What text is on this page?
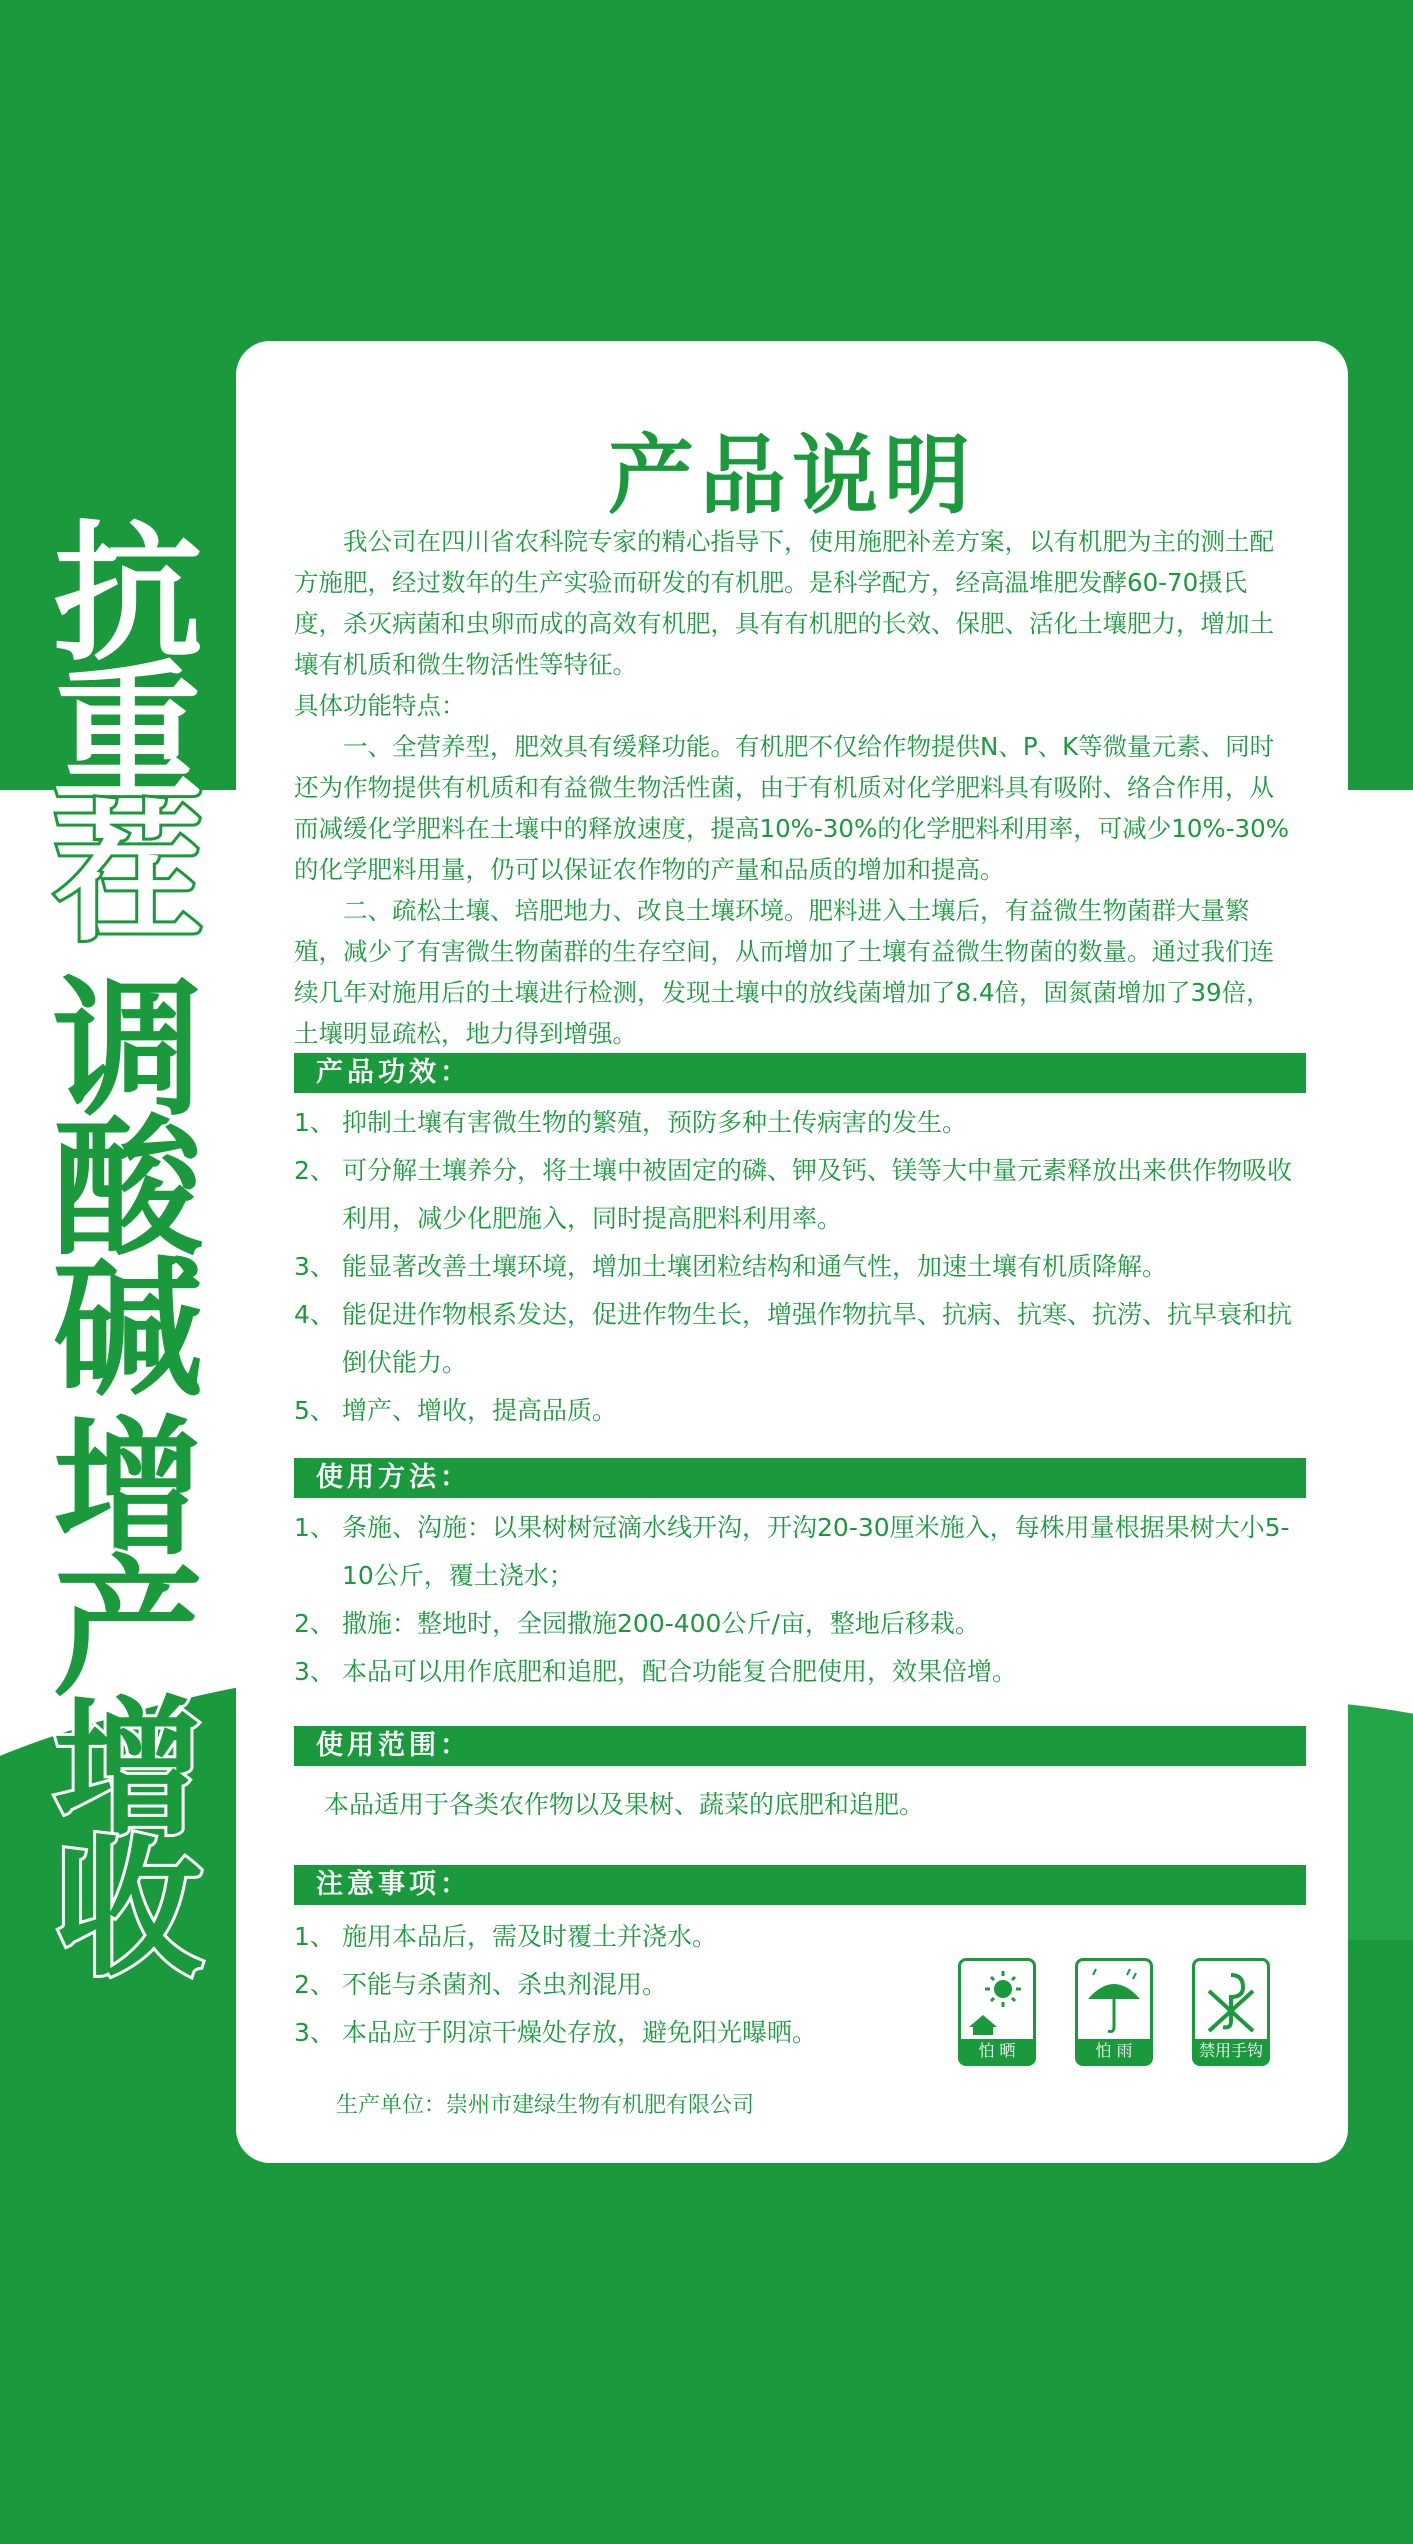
抗
重
茬
调
酸
碱
增
产
增
收
产品说明

我公司在四川省农科院专家的精心指导下，使用施肥补差方案，以有机肥为主的测土配方施肥，经过数年的生产实验而研发的有机肥。是科学配方，经高温堆肥发酵60-70摄氏度，杀灭病菌和虫卵而成的高效有机肥，具有有机肥的长效、保肥、活化土壤肥力，增加土壤有机质和微生物活性等特征。

具体功能特点：

一、全营养型，肥效具有缓释功能。有机肥不仅给作物提供N、P、K等微量元素、同时还为作物提供有机质和有益微生物活性菌，由于有机质对化学肥料具有吸附、络合作用，从而减缓化学肥料在土壤中的释放速度，提高10%-30%的化学肥料利用率，可减少10%-30%的化学肥料用量，仍可以保证农作物的产量和品质的增加和提高。

二、疏松土壤、培肥地力、改良土壤环境。肥料进入土壤后，有益微生物菌群大量繁殖，减少了有害微生物菌群的生存空间，从而增加了土壤有益微生物菌的数量。通过我们连续几年对施用后的土壤进行检测，发现土壤中的放线菌增加了8.4倍，固氮菌增加了39倍，土壤明显疏松，地力得到增强。

产品功效：
1、 抑制土壤有害微生物的繁殖，预防多种土传病害的发生。
2、 可分解土壤养分，将土壤中被固定的磷、钾及钙、镁等大中量元素释放出来供作物吸收利用，减少化肥施入，同时提高肥料利用率。
3、 能显著改善土壤环境，增加土壤团粒结构和通气性，加速土壤有机质降解。
4、 能促进作物根系发达，促进作物生长，增强作物抗旱、抗病、抗寒、抗涝、抗早衰和抗倒伏能力。
5、 增产、增收，提高品质。
使用方法：
1、 条施、沟施：以果树树冠滴水线开沟，开沟20-30厘米施入，每株用量根据果树大小5-10公斤，覆土浇水；
2、 撒施：整地时，全园撒施200-400公斤/亩，整地后移栽。
3、 本品可以用作底肥和追肥，配合功能复合肥使用，效果倍增。
使用范围：
本品适用于各类农作物以及果树、蔬菜的底肥和追肥。
注意事项：
1、 施用本品后，需及时覆土并浇水。
2、 不能与杀菌剂、杀虫剂混用。
3、 本品应于阴凉干燥处存放，避免阳光曝晒。
怕 晒	怕 雨	禁用手钩
生产单位：崇州市建绿生物有机肥有限公司
